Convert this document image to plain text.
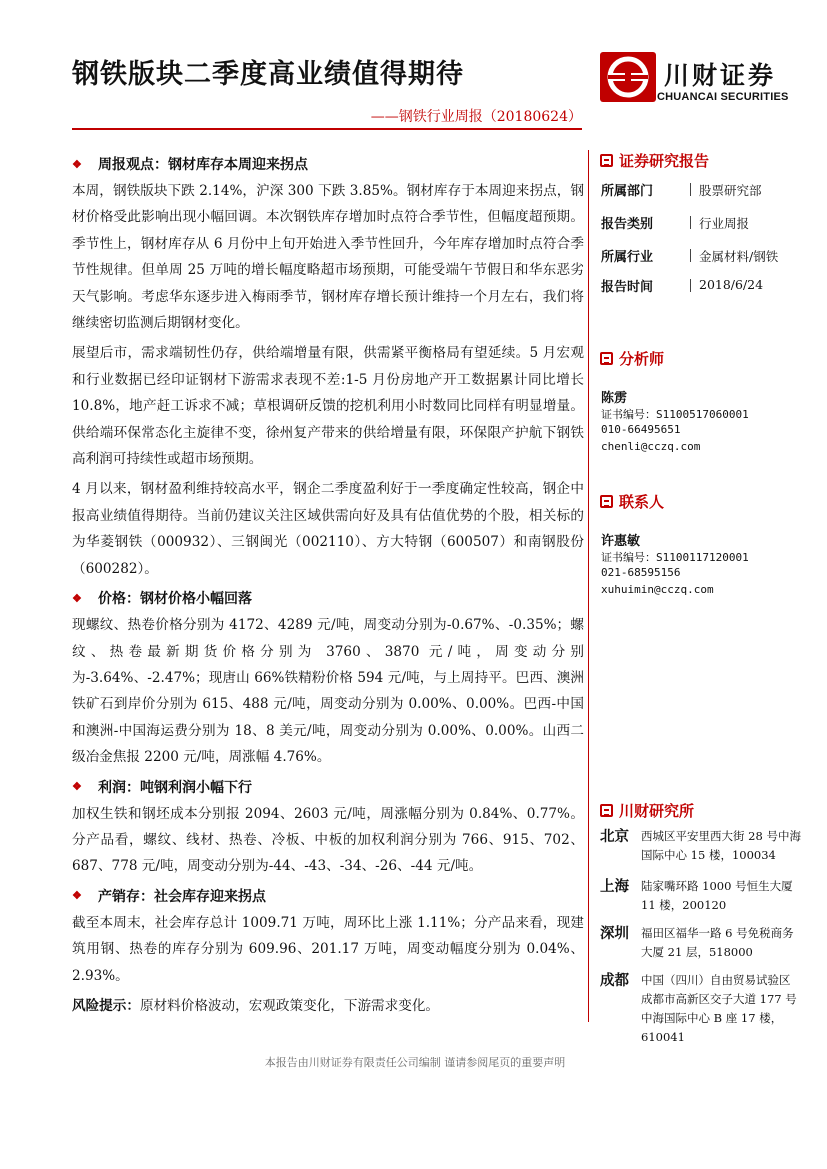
钢铁版块二季度高业绩值得期待
——钢铁行业周报（20180624）
川财证券
CHUANCAI SECURITIES
❖	周报观点：钢材库存本周迎来拐点

本周，钢铁版块下跌 2.14%，沪深 300 下跌 3.85%。钢材库存于本周迎来拐点，钢材价格受此影响出现小幅回调。本次钢铁库存增加时点符合季节性，但幅度超预期。季节性上，钢材库存从 6 月份中上旬开始进入季节性回升，今年库存增加时点符合季节性规律。但单周 25 万吨的增长幅度略超市场预期，可能受端午节假日和华东恶劣天气影响。考虑华东逐步进入梅雨季节，钢材库存增长预计维持一个月左右，我们将继续密切监测后期钢材变化。

展望后市，需求端韧性仍存，供给端增量有限，供需紧平衡格局有望延续。5 月宏观和行业数据已经印证钢材下游需求表现不差:1-5 月份房地产开工数据累计同比增长 10.8%，地产赶工诉求不减；草根调研反馈的挖机利用小时数同比同样有明显增量。供给端环保常态化主旋律不变，徐州复产带来的供给增量有限，环保限产护航下钢铁高利润可持续性或超市场预期。

4 月以来，钢材盈利维持较高水平，钢企二季度盈利好于一季度确定性较高，钢企中报高业绩值得期待。当前仍建议关注区域供需向好及具有估值优势的个股，相关标的为华菱钢铁（000932）、三钢闽光（002110）、方大特钢（600507）和南钢股份（600282）。

❖	价格：钢材价格小幅回落

现螺纹、热卷价格分别为 4172、4289 元/吨，周变动分别为-0.67%、-0.35%；螺纹、热卷最新期货价格分别为 3760、3870 元/吨，周变动分别为-3.64%、-2.47%；现唐山 66%铁精粉价格 594 元/吨，与上周持平。巴西、澳洲铁矿石到岸价分别为 615、488 元/吨，周变动分别为 0.00%、0.00%。巴西-中国和澳洲-中国海运费分别为 18、8 美元/吨，周变动分别为 0.00%、0.00%。山西二级冶金焦报 2200 元/吨，周涨幅 4.76%。

❖	利润：吨钢利润小幅下行

加权生铁和钢坯成本分别报 2094、2603 元/吨，周涨幅分别为 0.84%、0.77%。分产品看，螺纹、线材、热卷、冷板、中板的加权利润分别为 766、915、702、687、778 元/吨，周变动分别为-44、-43、-34、-26、-44 元/吨。

❖	产销存：社会库存迎来拐点

截至本周末，社会库存总计 1009.71 万吨，周环比上涨 1.11%；分产品来看，现建筑用钢、热卷的库存分别为 609.96、201.17 万吨，周变动幅度分别为 0.04%、2.93%。

风险提示：原材料价格波动，宏观政策变化，下游需求变化。

证券研究报告
所属部门	股票研究部
报告类别	行业周报
所属行业	金属材料/钢铁
报告时间	2018/6/24
分析师
陈雳
证书编号：S1100517060001
010-66495651
chenli@cczq.com
联系人
许惠敏
证书编号：S1100117120001
021-68595156
xuhuimin@cczq.com
川财研究所
北京 西城区平安里西大街 28 号中海国际中心 15 楼，100034
上海 陆家嘴环路 1000 号恒生大厦 11 楼，200120
深圳 福田区福华一路 6 号免税商务大厦 21 层，518000
成都 中国（四川）自由贸易试验区成都市高新区交子大道 177 号中海国际中心 B 座 17 楼，610041
本报告由川财证券有限责任公司编制 谨请参阅尾页的重要声明
